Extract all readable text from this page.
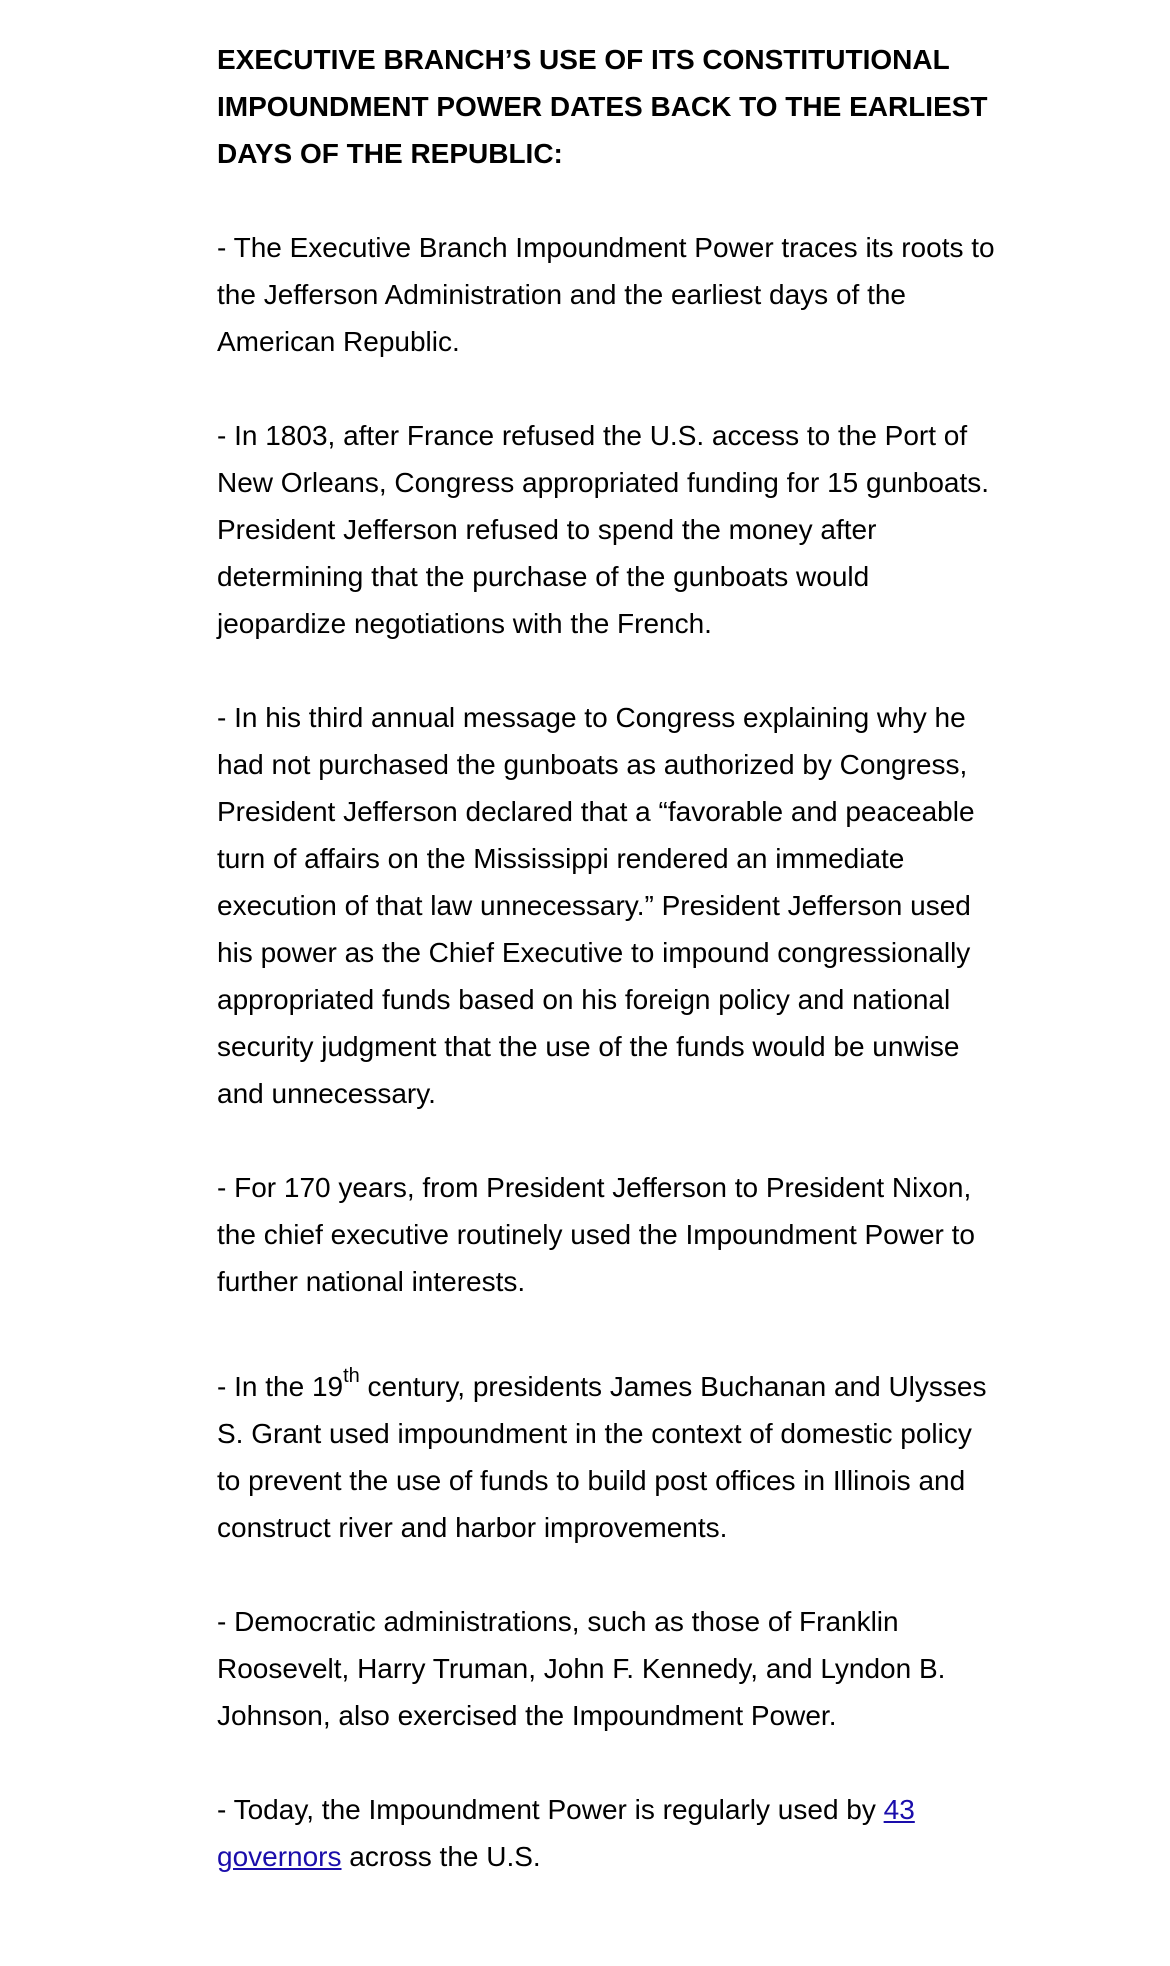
EXECUTIVE BRANCH’S USE OF ITS CONSTITUTIONAL IMPOUNDMENT POWER DATES BACK TO THE EARLIEST DAYS OF THE REPUBLIC:

- The Executive Branch Impoundment Power traces its roots to the Jefferson Administration and the earliest days of the American Republic.

- In 1803, after France refused the U.S. access to the Port of New Orleans, Congress appropriated funding for 15 gunboats. President Jefferson refused to spend the money after determining that the purchase of the gunboats would jeopardize negotiations with the French.

- In his third annual message to Congress explaining why he had not purchased the gunboats as authorized by Congress, President Jefferson declared that a “favorable and peaceable turn of affairs on the Mississippi rendered an immediate execution of that law unnecessary.” President Jefferson used his power as the Chief Executive to impound congressionally appropriated funds based on his foreign policy and national security judgment that the use of the funds would be unwise and unnecessary.

- For 170 years, from President Jefferson to President Nixon, the chief executive routinely used the Impoundment Power to further national interests.

- In the 19th century, presidents James Buchanan and Ulysses S. Grant used impoundment in the context of domestic policy to prevent the use of funds to build post offices in Illinois and construct river and harbor improvements.

- Democratic administrations, such as those of Franklin Roosevelt, Harry Truman, John F. Kennedy, and Lyndon B. Johnson, also exercised the Impoundment Power.

- Today, the Impoundment Power is regularly used by 43 governors across the U.S.
